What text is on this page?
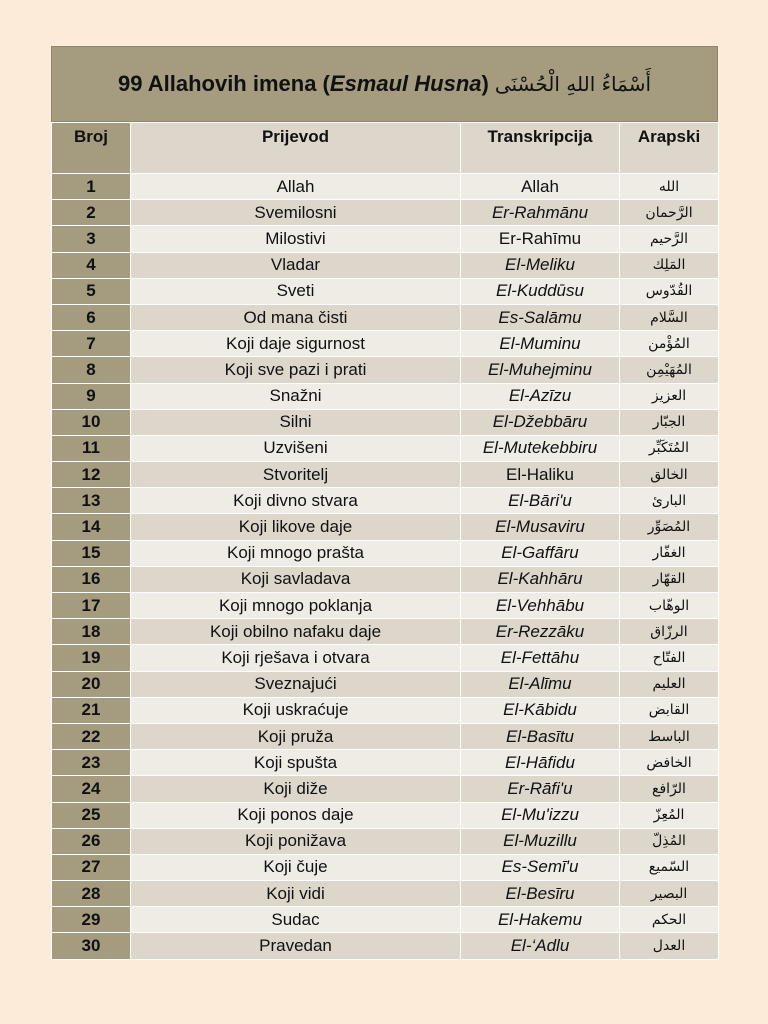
99 Allahovih imena ( Esmaul Husna ) أَسْمَاءُ اللهِ الْحُسْنَى
Broj	Prijevod	Transkripcija	Arapski
1	Allah	Allah	الله
2	Svemilosni	Er-Rahmānu	الرَّحمان
3	Milostivi	Er-Rahīmu	الرَّحيم
4	Vladar	El-Meliku	المَلِك
5	Sveti	El-Kuddūsu	القُدّوس
6	Od mana čisti	Es-Salāmu	السَّلام
7	Koji daje sigurnost	El-Muminu	المُؤْمن
8	Koji sve pazi i prati	El-Muhejminu	المُهَيْمِن
9	Snažni	El-Azīzu	العزيز
10	Silni	El-Džebbāru	الجبّار
11	Uzvišeni	El-Mutekebbiru	المُتَكَبِّر
12	Stvoritelj	El-Haliku	الخالق
13	Koji divno stvara	El-Bāri'u	البارئ
14	Koji likove daje	El-Musaviru	المُصَوِّر
15	Koji mnogo prašta	El-Gaffāru	الغفّار
16	Koji savladava	El-Kahhāru	القهّار
17	Koji mnogo poklanja	El-Vehhābu	الوهّاب
18	Koji obilno nafaku daje	Er-Rezzāku	الرزّاق
19	Koji rješava i otvara	El-Fettāhu	الفتّاح
20	Sveznajući	El-Alīmu	العليم
21	Koji uskraćuje	El-Kābidu	القابض
22	Koji pruža	El-Basītu	الباسط
23	Koji spušta	El-Hāfidu	الخافض
24	Koji diže	Er-Rāfi'u	الرّافع
25	Koji ponos daje	El-Mu'izzu	المُعِزّ
26	Koji ponižava	El-Muzillu	المُذِلّ
27	Koji čuje	Es-Semī'u	السّميع
28	Koji vidi	El-Besīru	البصير
29	Sudac	El-Hakemu	الحكم
30	Pravedan	El-‘Adlu	العدل
